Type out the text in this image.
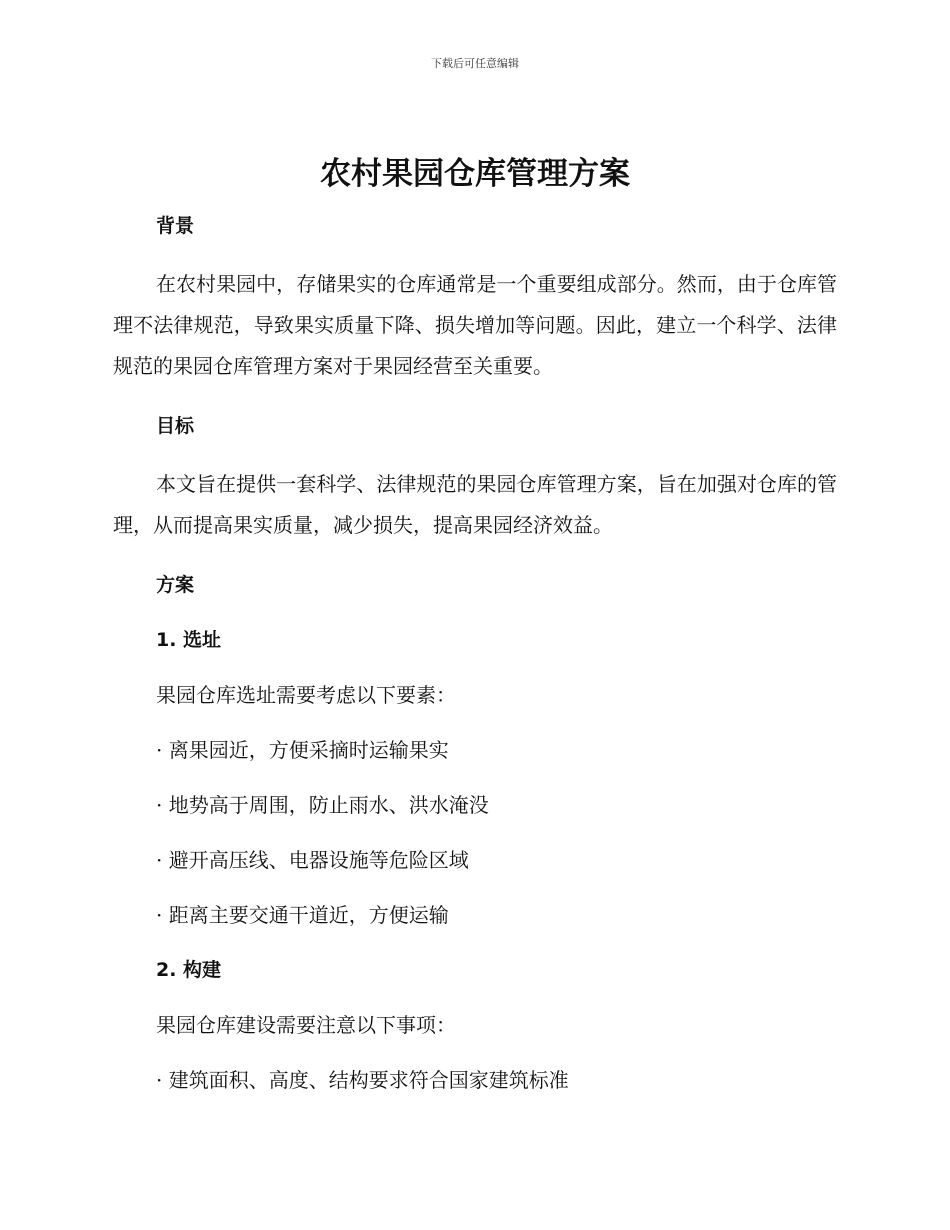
下载后可任意编辑
农村果园仓库管理方案
背景

在农村果园中，存储果实的仓库通常是一个重要组成部分。然而，由于仓库管理不法律规范，导致果实质量下降、损失增加等问题。因此，建立一个科学、法律规范的果园仓库管理方案对于果园经营至关重要。

目标

本文旨在提供一套科学、法律规范的果园仓库管理方案，旨在加强对仓库的管理，从而提高果实质量，减少损失，提高果园经济效益。

方案
1. 选址

果园仓库选址需要考虑以下要素：

· 离果园近，方便采摘时运输果实

· 地势高于周围，防止雨水、洪水淹没

· 避开高压线、电器设施等危险区域

· 距离主要交通干道近，方便运输

2. 构建

果园仓库建设需要注意以下事项：

· 建筑面积、高度、结构要求符合国家建筑标准
